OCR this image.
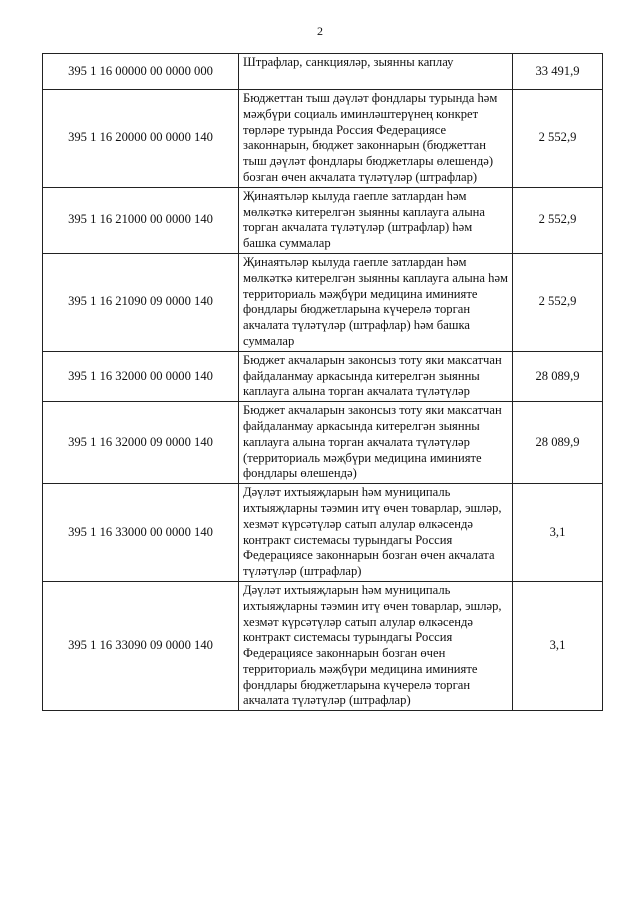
2
395 1 16 00000 00 0000 000	Штрафлар, санкцияләр, зыянны каплау	33 491,9
395 1 16 20000 00 0000 140	Бюджеттан тыш дәүләт фондлары турында һәм мәҗбүри социаль иминләштерүнең конкрет төрләре турында Россия Федерациясе законнарын, бюджет законнарын (бюджеттан тыш дәүләт фондлары бюджетлары өлешендә) бозган өчен акчалата түләтүләр (штрафлар)	2 552,9
395 1 16 21000 00 0000 140	Җинаятьләр кылуда гаепле затлардан һәм мөлкәткә китерелгән зыянны каплауга алына торган акчалата түләтүләр (штрафлар) һәм башка суммалар	2 552,9
395 1 16 21090 09 0000 140	Җинаятьләр кылуда гаепле затлардан һәм мөлкәткә китерелгән зыянны каплауга алына һәм территориаль мәҗбүри медицина иминияте фондлары бюджетларына күчерелә торган акчалата түләтүләр (штрафлар) һәм башка суммалар	2 552,9
395 1 16 32000 00 0000 140	Бюджет акчаларын законсыз тоту яки максатчан файдаланмау аркасында китерелгән зыянны каплауга алына торган акчалата түләтүләр	28 089,9
395 1 16 32000 09 0000 140	Бюджет акчаларын законсыз тоту яки максатчан файдаланмау аркасында китерелгән зыянны каплауга алына торган акчалата түләтүләр (территориаль мәҗбүри медицина иминияте фондлары өлешендә)	28 089,9
395 1 16 33000 00 0000 140	Дәүләт ихтыяҗларын һәм муниципаль ихтыяҗларны тәэмин итү өчен товарлар, эшләр, хезмәт күрсәтүләр сатып алулар өлкәсендә контракт системасы турындагы Россия Федерациясе законнарын бозган өчен акчалата түләтүләр (штрафлар)	3,1
395 1 16 33090 09 0000 140	Дәүләт ихтыяҗларын һәм муниципаль ихтыяҗларны тәэмин итү өчен товарлар, эшләр, хезмәт күрсәтүләр сатып алулар өлкәсендә контракт системасы турындагы Россия Федерациясе законнарын бозган өчен территориаль мәҗбүри медицина иминияте фондлары бюджетларына күчерелә торган акчалата түләтүләр (штрафлар)	3,1
